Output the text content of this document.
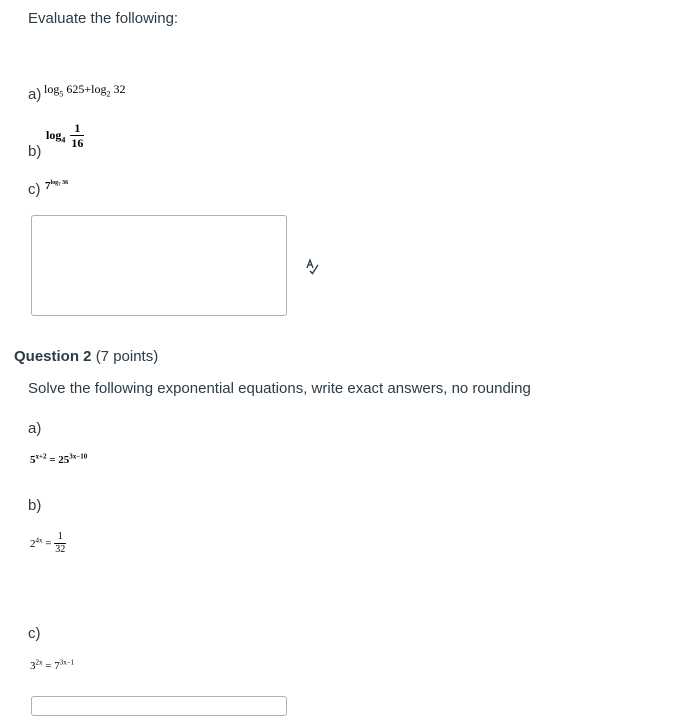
Evaluate the following:
a) $\log_5 625+\log_2$ 32
b)
$\log_4 \frac{1}{16}$
c) $7^{log_7 36}$
Question 2 (7 points)
Solve the following exponential equations, write exact answers, no rounding
a)
$5^{x+2} = 25^{3x-10}$
b)
$2^{4x} = \frac{1}{32}$
c)
$3^{2x} = 7^{3x-1}$
